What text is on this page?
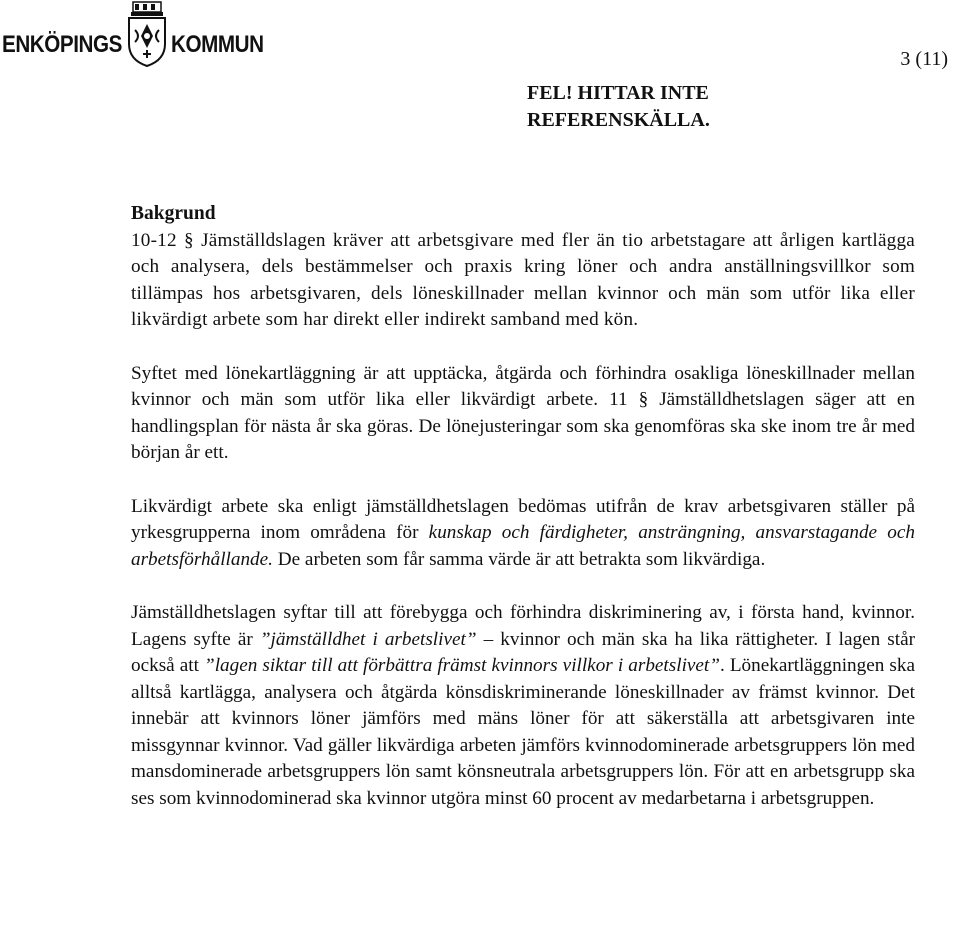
ENKÖPINGS KOMMUN
3 (11)
FEL! HITTAR INTE
REFERENSKÄLLA.
Bakgrund

10-12 § Jämställdslagen kräver att arbetsgivare med fler än tio arbetstagare att årligen kartlägga och analysera, dels bestämmelser och praxis kring löner och andra anställningsvillkor som tillämpas hos arbetsgivaren, dels löneskillnader mellan kvinnor och män som utför lika eller likvärdigt arbete som har direkt eller indirekt samband med kön.

Syftet med lönekartläggning är att upptäcka, åtgärda och förhindra osakliga löneskillnader mellan kvinnor och män som utför lika eller likvärdigt arbete. 11 § Jämställdhetslagen säger att en handlingsplan för nästa år ska göras. De lönejusteringar som ska genomföras ska ske inom tre år med början år ett.

Likvärdigt arbete ska enligt jämställdhetslagen bedömas utifrån de krav arbetsgivaren ställer på yrkesgrupperna inom områdena för kunskap och färdigheter, ansträngning, ansvarstagande och arbetsförhållande. De arbeten som får samma värde är att betrakta som likvärdiga.

Jämställdhetslagen syftar till att förebygga och förhindra diskriminering av, i första hand, kvinnor. Lagens syfte är ”jämställdhet i arbetslivet” – kvinnor och män ska ha lika rättigheter. I lagen står också att ”lagen siktar till att förbättra främst kvinnors villkor i arbetslivet”. Lönekartläggningen ska alltså kartlägga, analysera och åtgärda könsdiskriminerande löneskillnader av främst kvinnor. Det innebär att kvinnors löner jämförs med mäns löner för att säkerställa att arbetsgivaren inte missgynnar kvinnor. Vad gäller likvärdiga arbeten jämförs kvinnodominerade arbetsgruppers lön med mansdominerade arbetsgruppers lön samt könsneutrala arbetsgruppers lön. För att en arbetsgrupp ska ses som kvinnodominerad ska kvinnor utgöra minst 60 procent av medarbetarna i arbetsgruppen.
